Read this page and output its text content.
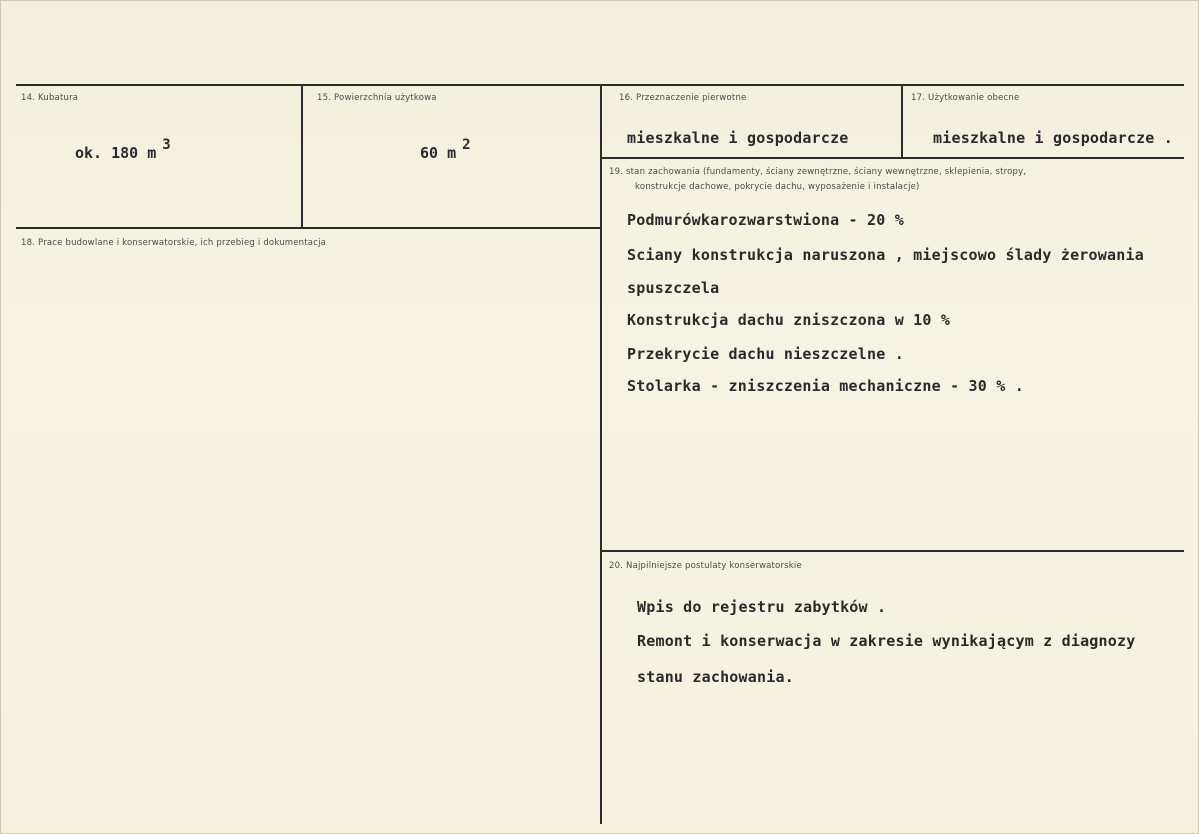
14. Kubatura
ok. 180 m 3
15. Powierzchnia użytkowa
60 m 2
16. Przeznaczenie pierwotne
mieszkalne i gospodarcze
17. Użytkowanie obecne
mieszkalne i gospodarcze .
18. Prace budowlane i konserwatorskie, ich przebieg i dokumentacja
19. stan zachowania (fundamenty, ściany zewnętrzne, ściany wewnętrzne, sklepienia, stropy,
konstrukcje dachowe, pokrycie dachu, wyposażenie i instalacje)
Podmurówkarozwarstwiona - 20 %
Sciany konstrukcja naruszona , miejscowo ślady żerowania
spuszczela
Konstrukcja dachu zniszczona w 10 %
Przekrycie dachu nieszczelne .
Stolarka - zniszczenia mechaniczne - 30 % .
20. Najpilniejsze postulaty konserwatorskie
Wpis do rejestru zabytków .
Remont i konserwacja w zakresie wynikającym z diagnozy
stanu zachowania.
